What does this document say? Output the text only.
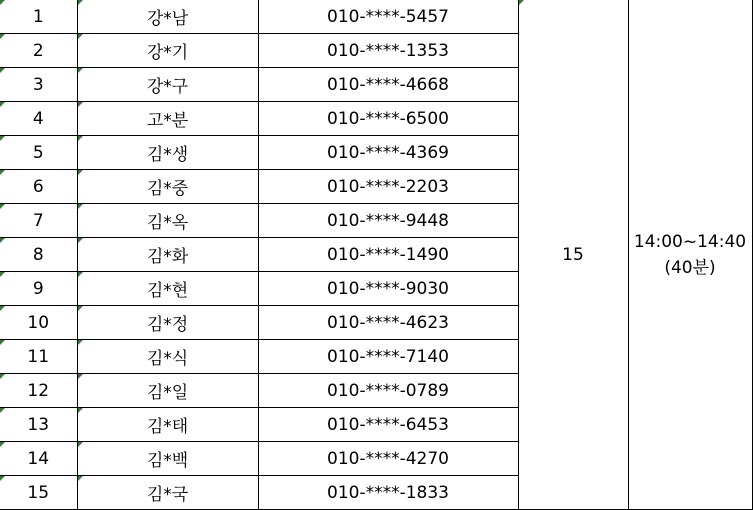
1	강*남	010-****-5457	15	14:00~14:40
(40분)

2	강*기	010-****-1353		

3	강*구	010-****-4668		

4	고*분	010-****-6500		

5	김*생	010-****-4369		

6	김*중	010-****-2203		

7	김*옥	010-****-9448		

8	김*화	010-****-1490		

9	김*현	010-****-9030		

10	김*정	010-****-4623		

11	김*식	010-****-7140		

12	김*일	010-****-0789		

13	김*태	010-****-6453		

14	김*백	010-****-4270		

15	김*국	010-****-1833		
